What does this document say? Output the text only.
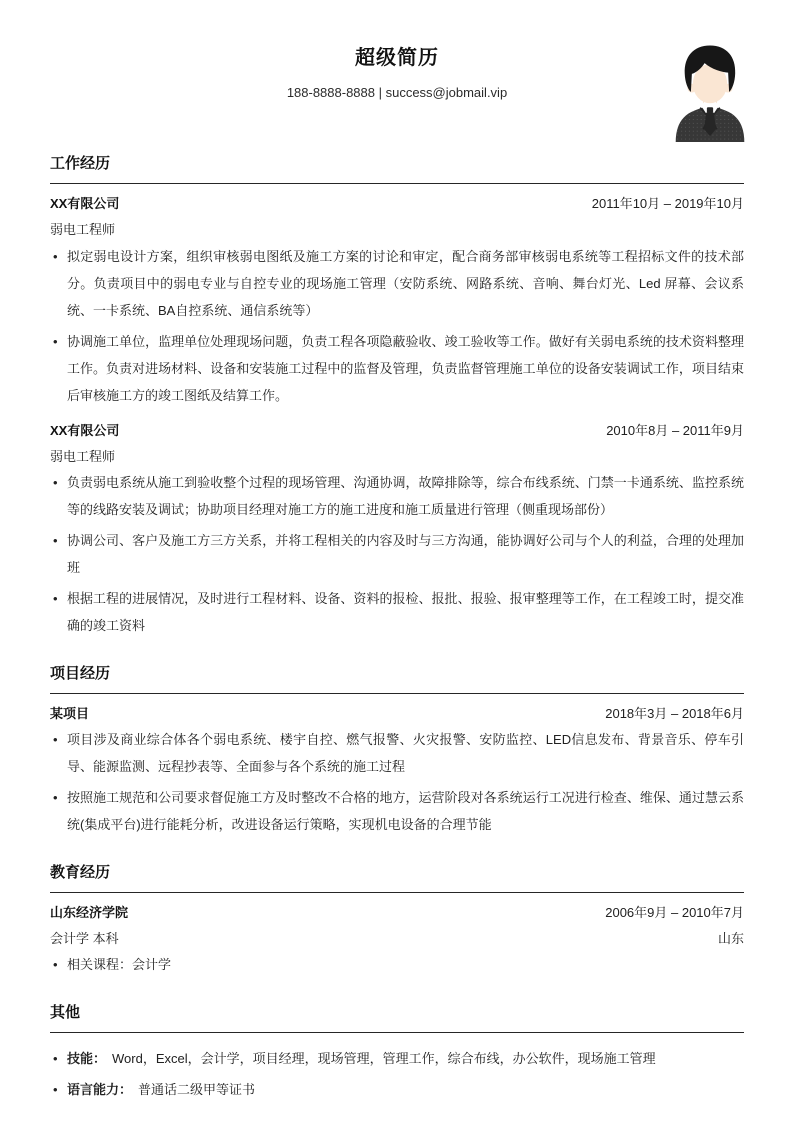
超级简历
188-8888-8888 | success@jobmail.vip
工作经历
XX有限公司	2011年10月 – 2019年10月
弱电工程师
• 拟定弱电设计方案，组织审核弱电图纸及施工方案的讨论和审定，配合商务部审核弱电系统等工程招标文件的技术部分。负责项目中的弱电专业与自控专业的现场施工管理（安防系统、网路系统、音响、舞台灯光、Led 屏幕、会议系统、一卡系统、BA自控系统、通信系统等）
• 协调施工单位，监理单位处理现场问题，负责工程各项隐蔽验收、竣工验收等工作。做好有关弱电系统的技术资料整理工作。负责对进场材料、设备和安装施工过程中的监督及管理，负责监督管理施工单位的设备安装调试工作，项目结束后审核施工方的竣工图纸及结算工作。
XX有限公司	2010年8月 – 2011年9月
弱电工程师
• 负责弱电系统从施工到验收整个过程的现场管理、沟通协调，故障排除等，综合布线系统、门禁一卡通系统、监控系统等的线路安装及调试；协助项目经理对施工方的施工进度和施工质量进行管理（侧重现场部份）
• 协调公司、客户及施工方三方关系，并将工程相关的内容及时与三方沟通，能协调好公司与个人的利益，合理的处理加班
• 根据工程的进展情况，及时进行工程材料、设备、资料的报检、报批、报验、报审整理等工作，在工程竣工时，提交准确的竣工资料
项目经历
某项目	2018年3月 – 2018年6月
• 项目涉及商业综合体各个弱电系统、楼宇自控、燃气报警、火灾报警、安防监控、LED信息发布、背景音乐、停车引导、能源监测、远程抄表等、全面参与各个系统的施工过程
• 按照施工规范和公司要求督促施工方及时整改不合格的地方，运营阶段对各系统运行工况进行检查、维保、通过慧云系统(集成平台)进行能耗分析，改进设备运行策略，实现机电设备的合理节能
教育经历
山东经济学院	2006年9月 – 2010年7月
会计学 本科	山东
• 相关课程：会计学
其他
• 技能： Word，Excel，会计学，项目经理，现场管理，管理工作，综合布线，办公软件，现场施工管理
• 语言能力： 普通话二级甲等证书
